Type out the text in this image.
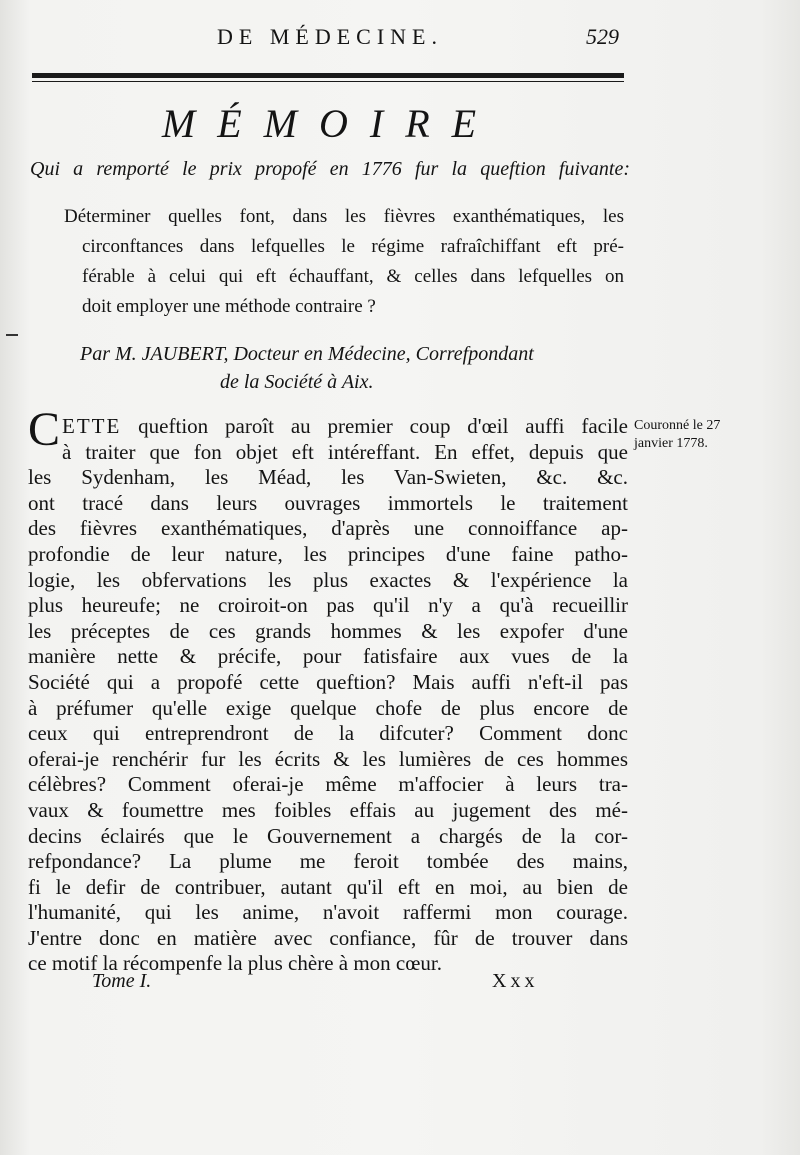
DE MÉDECINE.	529
MÉMOIRE
Qui a remporté le prix propofé en 1776 fur la queftion fuivante:
Déterminer quelles font, dans les fièvres exanthématiques, les
circonftances dans lefquelles le régime rafraîchiffant eft pré-
férable à celui qui eft échauffant, & celles dans lefquelles on
doit employer une méthode contraire ?
Par M. JAUBERT, Docteur en Médecine, Correfpondant
de la Société à Aix.
CETTE queftion paroît au premier coup d'œil auffi facile
à traiter que fon objet eft intéreffant. En effet, depuis que
les Sydenham, les Méad, les Van-Swieten, &c. &c.
ont tracé dans leurs ouvrages immortels le traitement
des fièvres exanthématiques, d'après une connoiffance ap-
profondie de leur nature, les principes d'une faine patho-
logie, les obfervations les plus exactes & l'expérience la
plus heureufe; ne croiroit-on pas qu'il n'y a qu'à recueillir
les préceptes de ces grands hommes & les expofer d'une
manière nette & précife, pour fatisfaire aux vues de la
Société qui a propofé cette queftion? Mais auffi n'eft-il pas
à préfumer qu'elle exige quelque chofe de plus encore de
ceux qui entreprendront de la difcuter? Comment donc
oferai-je renchérir fur les écrits & les lumières de ces hommes
célèbres? Comment oferai-je même m'affocier à leurs tra-
vaux & foumettre mes foibles effais au jugement des mé-
decins éclairés que le Gouvernement a chargés de la cor-
refpondance? La plume me feroit tombée des mains,
fi le defir de contribuer, autant qu'il eft en moi, au bien de
l'humanité, qui les anime, n'avoit raffermi mon courage.
J'entre donc en matière avec confiance, fûr de trouver dans
ce motif la récompenfe la plus chère à mon cœur.
Couronné le 27
janvier 1778.
Tome I.	Xxx
